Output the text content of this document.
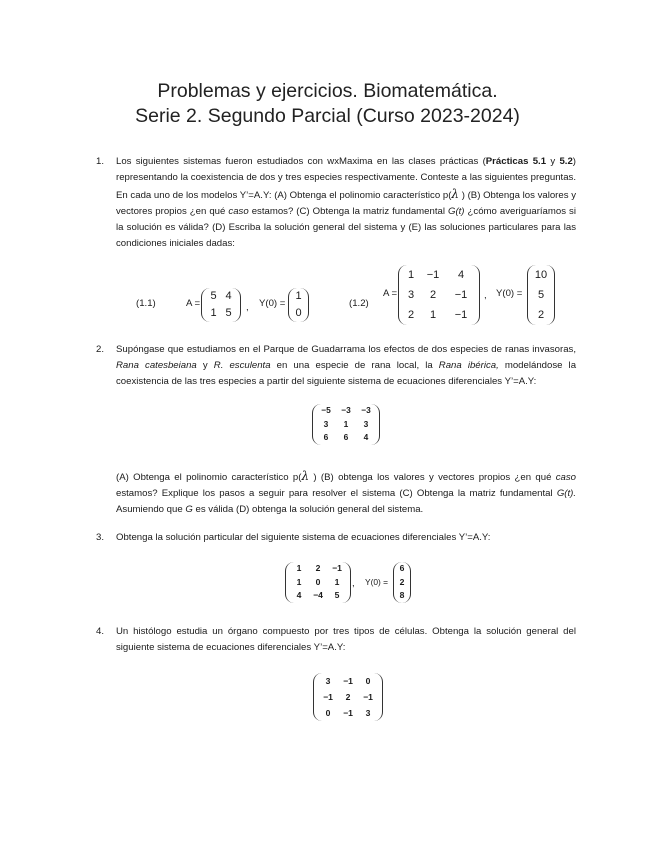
Problemas y ejercicios. Biomatemática.
Serie 2. Segundo Parcial (Curso 2023-2024)
1. Los siguientes sistemas fueron estudiados con wxMaxima en las clases prácticas (Prácticas 5.1 y 5.2) representando la coexistencia de dos y tres especies respectivamente. Conteste a las siguientes preguntas. En cada uno de los modelos Y’=A.Y: (A) Obtenga el polinomio característico p(λ ) (B) Obtenga los valores y vectores propios ¿en qué caso estamos? (C) Obtenga la matriz fundamental G(t) ¿cómo averiguaríamos si la solución es válida? (D) Escriba la solución general del sistema y (E) las soluciones particulares para las condiciones iniciales dadas:
(1.1)	A =
5 4
1 5	, Y(0) =
1
0
(1.2)
A =
1	−1	4
3	2	−1
2	1	−1
, Y(0) =
10
5
2
2. Supóngase que estudiamos en el Parque de Guadarrama los efectos de dos especies de ranas invasoras, Rana catesbeiana y R. esculenta en una especie de rana local, la Rana ibérica, modelándose la coexistencia de las tres especies a partir del siguiente sistema de ecuaciones diferenciales Y’=A.Y:
−5	−3	−3
3	1	3
6	6	4
(A) Obtenga el polinomio característico p(λ ) (B) obtenga los valores y vectores propios ¿en qué caso estamos? Explique los pasos a seguir para resolver el sistema (C) Obtenga la matriz fundamental G(t). Asumiendo que G es válida (D) obtenga la solución general del sistema.
3. Obtenga la solución particular del siguiente sistema de ecuaciones diferenciales Y’=A.Y:
1	2	−1
1	0	1
4	−4	5
, Y(0) =
6
2
8
4. Un histólogo estudia un órgano compuesto por tres tipos de células. Obtenga la solución general del siguiente sistema de ecuaciones diferenciales Y’=A.Y:
3	−1	0
−1	2	−1
0	−1	3
